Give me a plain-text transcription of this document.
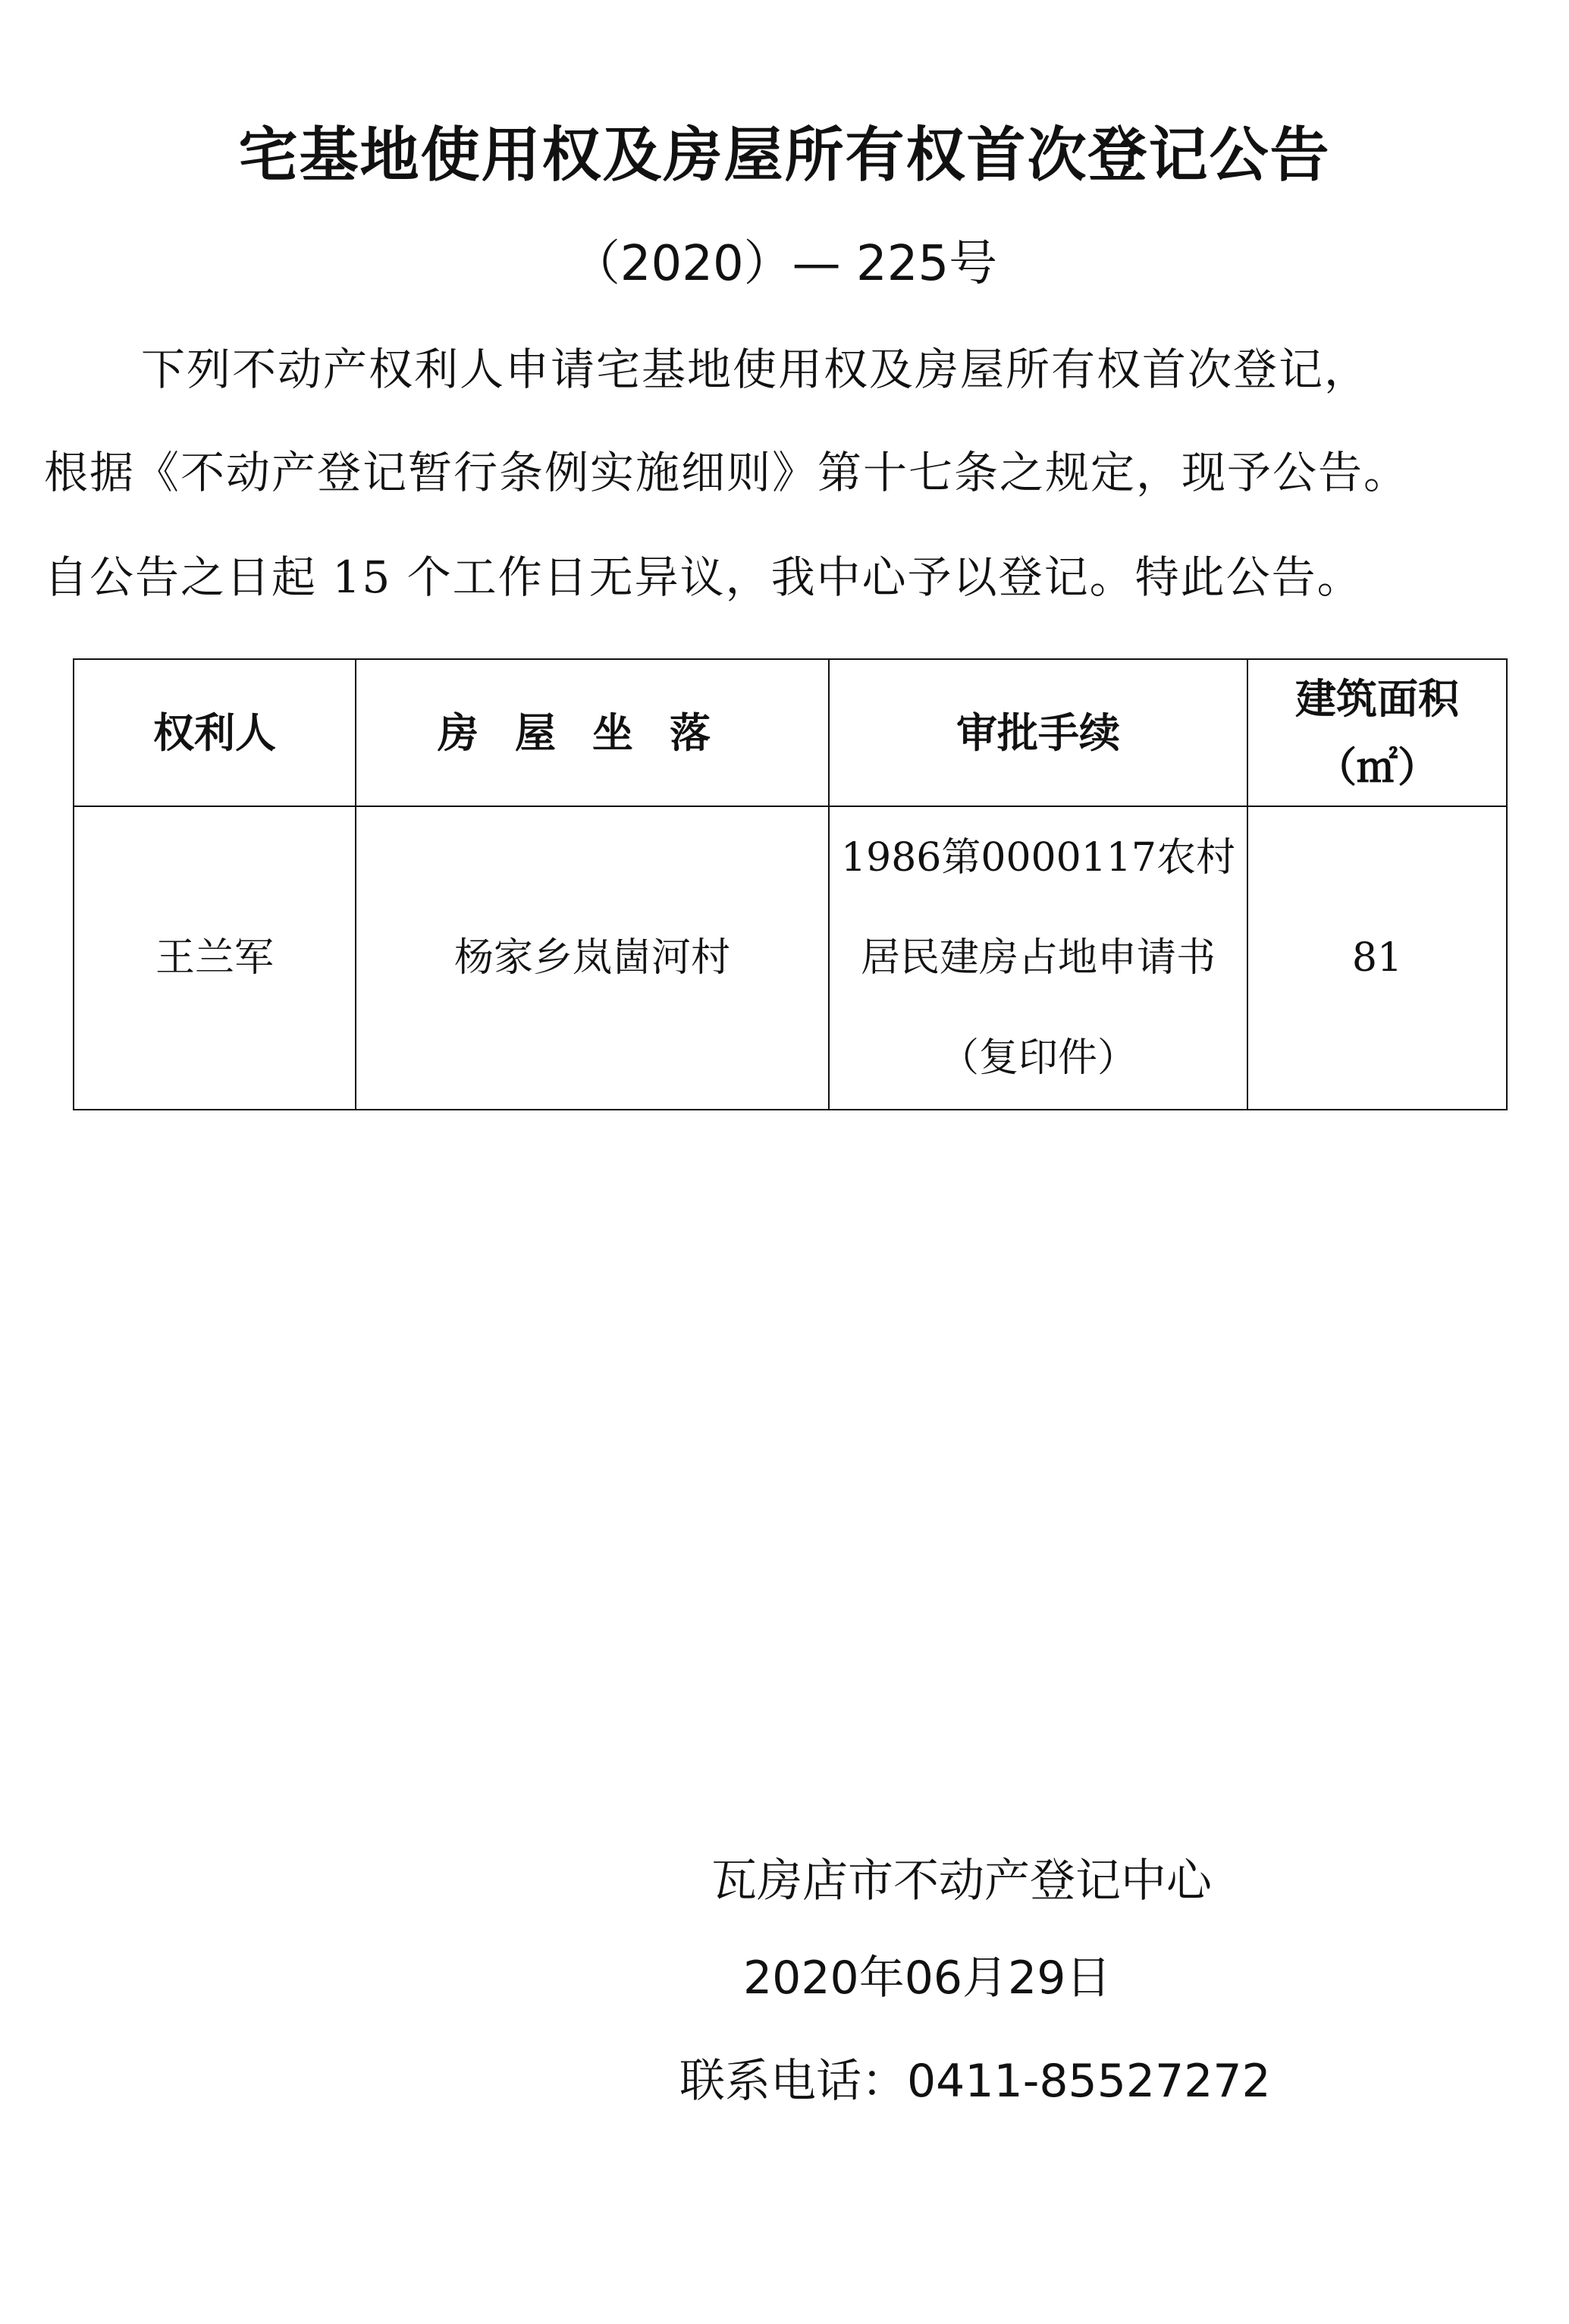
宅基地使用权及房屋所有权首次登记公告
（2020）— 225号
下列不动产权利人申请宅基地使用权及房屋所有权首次登记，
根据《不动产登记暂行条例实施细则》第十七条之规定，现予公告。
自公告之日起 15 个工作日无异议，我中心予以登记。特此公告。
权利人	房屋坐落	审批手续	建筑面积（㎡）
王兰军	杨家乡岚崮河村	1986第0000117农村居民建房占地申请书（复印件）	81
瓦房店市不动产登记中心
2020年06月29日
联系电话：0411-85527272
